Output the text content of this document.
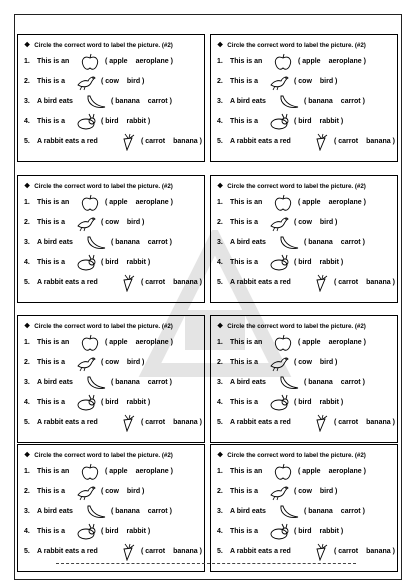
❖ Circle the correct word to label the picture. (#2)
1. This is an	( apple aeroplane )
2. This is a	( cow bird )
3. A bird eats	( banana carrot )
4. This is a	( bird rabbit )
5. A rabbit eats a red	( carrot banana )
❖ Circle the correct word to label the picture. (#2)
1. This is an	( apple aeroplane )
2. This is a	( cow bird )
3. A bird eats	( banana carrot )
4. This is a	( bird rabbit )
5. A rabbit eats a red	( carrot banana )
❖ Circle the correct word to label the picture. (#2)
1. This is an	( apple aeroplane )
2. This is a	( cow bird )
3. A bird eats	( banana carrot )
4. This is a	( bird rabbit )
5. A rabbit eats a red	( carrot banana )
❖ Circle the correct word to label the picture. (#2)
1. This is an	( apple aeroplane )
2. This is a	( cow bird )
3. A bird eats	( banana carrot )
4. This is a	( bird rabbit )
5. A rabbit eats a red	( carrot banana )
❖ Circle the correct word to label the picture. (#2)
1. This is an	( apple aeroplane )
2. This is a	( cow bird )
3. A bird eats	( banana carrot )
4. This is a	( bird rabbit )
5. A rabbit eats a red	( carrot banana )
❖ Circle the correct word to label the picture. (#2)
1. This is an	( apple aeroplane )
2. This is a	( cow bird )
3. A bird eats	( banana carrot )
4. This is a	( bird rabbit )
5. A rabbit eats a red	( carrot banana )
❖ Circle the correct word to label the picture. (#2)
1. This is an	( apple aeroplane )
2. This is a	( cow bird )
3. A bird eats	( banana carrot )
4. This is a	( bird rabbit )
5. A rabbit eats a red	( carrot banana )
❖ Circle the correct word to label the picture. (#2)
1. This is an	( apple aeroplane )
2. This is a	( cow bird )
3. A bird eats	( banana carrot )
4. This is a	( bird rabbit )
5. A rabbit eats a red	( carrot banana )
